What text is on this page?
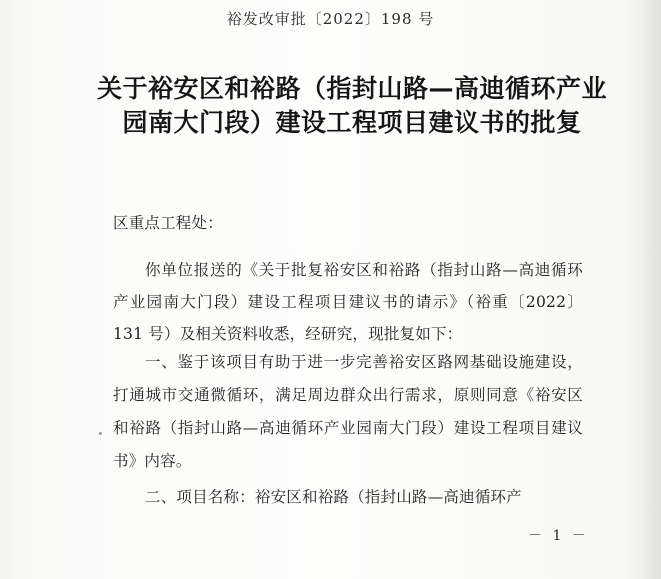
裕发改审批〔2022〕198 号
关于裕安区和裕路（指封山路—高迪循环产业园南大门段）建设工程项目建议书的批复
区重点工程处：
你单位报送的《关于批复裕安区和裕路（指封山路—高迪循环产业园南大门段）建设工程项目建议书的请示》（裕重〔2022〕131 号）及相关资料收悉，经研究，现批复如下：
一、鉴于该项目有助于进一步完善裕安区路网基础设施建设，打通城市交通微循环，满足周边群众出行需求，原则同意《裕安区和裕路（指封山路—高迪循环产业园南大门段）建设工程项目建议书》内容。
二、项目名称：裕安区和裕路（指封山路—高迪循环产
－ 1 －
